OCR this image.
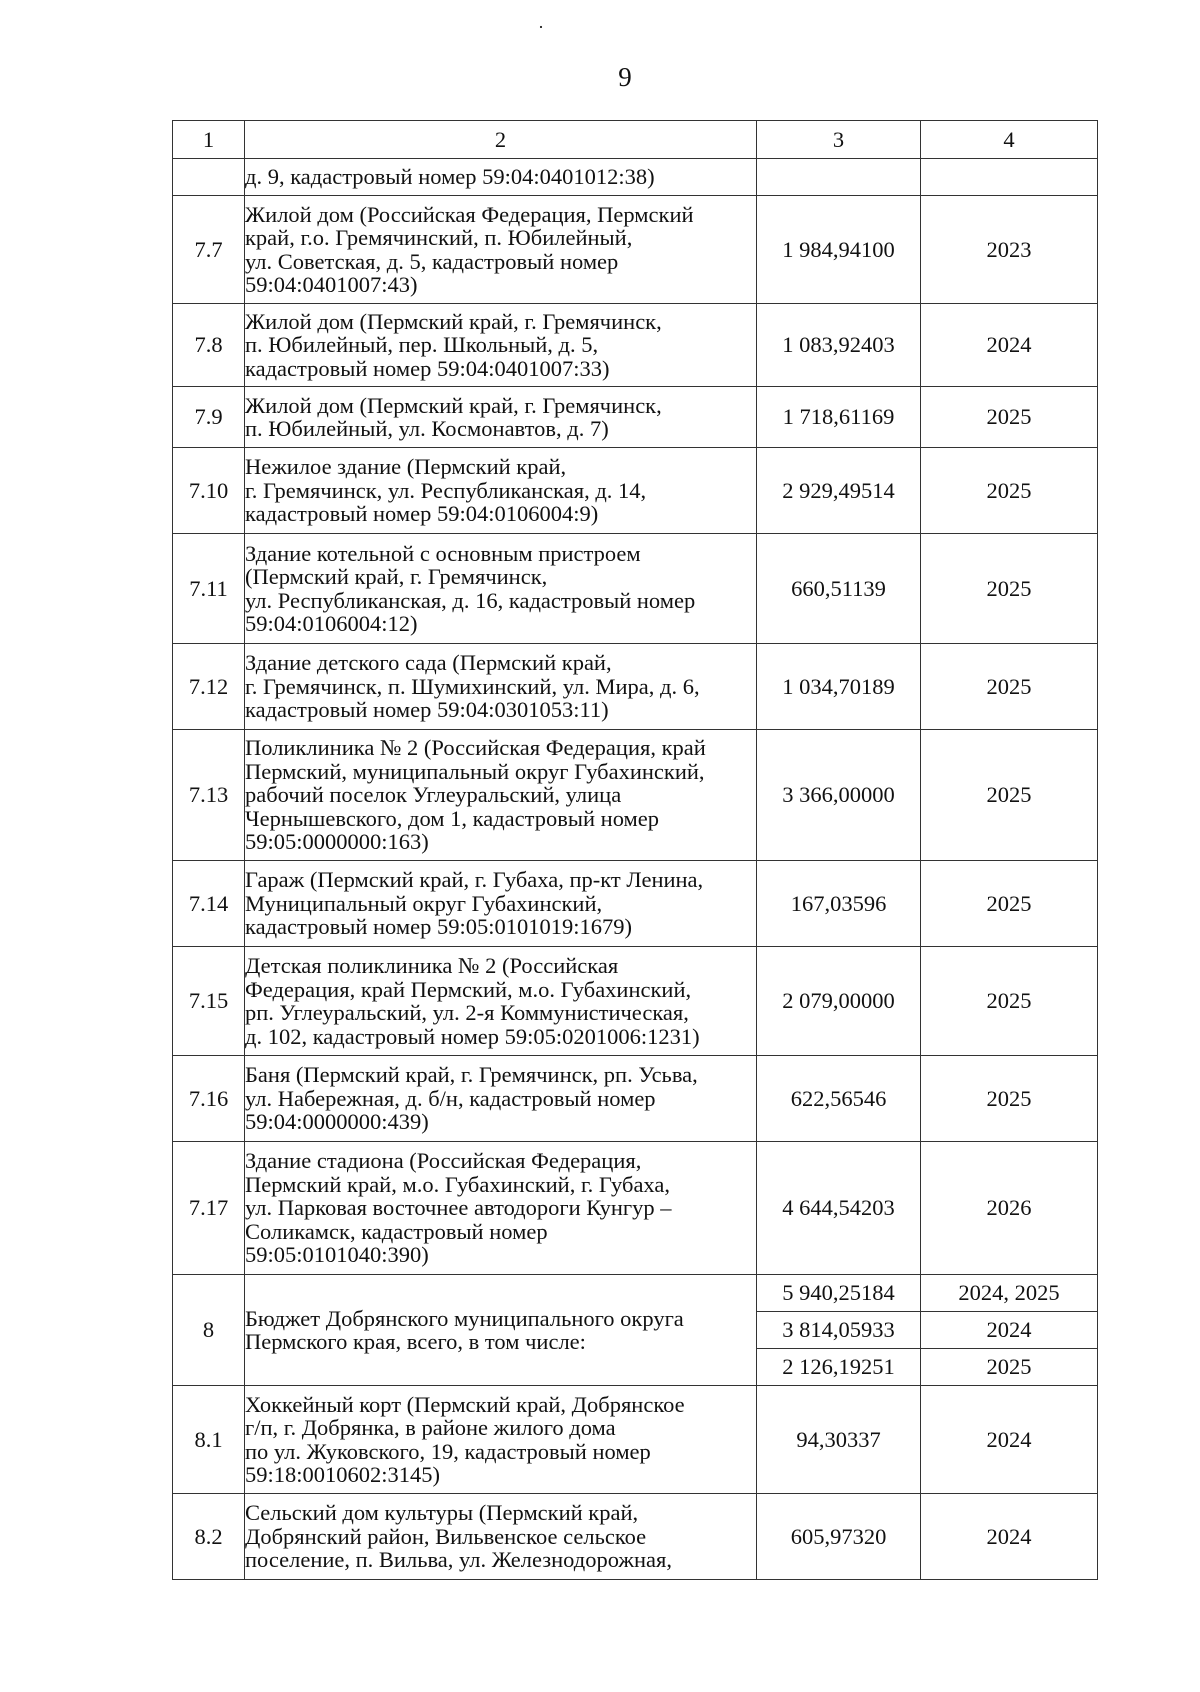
·
9
1	2	3	4
	д. 9, кадастровый номер 59:04:0401012:38)		
7.7	Жилой дом (Российская Федерация, Пермский
край, г.о. Гремячинский, п. Юбилейный,
ул. Советская, д. 5, кадастровый номер
59:04:0401007:43)	1 984,94100	2023
7.8	Жилой дом (Пермский край, г. Гремячинск,
п. Юбилейный, пер. Школьный, д. 5,
кадастровый номер 59:04:0401007:33)	1 083,92403	2024
7.9	Жилой дом (Пермский край, г. Гремячинск,
п. Юбилейный, ул. Космонавтов, д. 7)	1 718,61169	2025
7.10	Нежилое здание (Пермский край,
г. Гремячинск, ул. Республиканская, д. 14,
кадастровый номер 59:04:0106004:9)	2 929,49514	2025
7.11	Здание котельной с основным пристроем
(Пермский край, г. Гремячинск,
ул. Республиканская, д. 16, кадастровый номер
59:04:0106004:12)	660,51139	2025
7.12	Здание детского сада (Пермский край,
г. Гремячинск, п. Шумихинский, ул. Мира, д. 6,
кадастровый номер 59:04:0301053:11)	1 034,70189	2025
7.13	Поликлиника № 2 (Российская Федерация, край
Пермский, муниципальный округ Губахинский,
рабочий поселок Углеуральский, улица
Чернышевского, дом 1, кадастровый номер
59:05:0000000:163)	3 366,00000	2025
7.14	Гараж (Пермский край, г. Губаха, пр-кт Ленина,
Муниципальный округ Губахинский,
кадастровый номер 59:05:0101019:1679)	167,03596	2025
7.15	Детская поликлиника № 2 (Российская
Федерация, край Пермский, м.о. Губахинский,
рп. Углеуральский, ул. 2-я Коммунистическая,
д. 102, кадастровый номер 59:05:0201006:1231)	2 079,00000	2025
7.16	Баня (Пермский край, г. Гремячинск, рп. Усьва,
ул. Набережная, д. б/н, кадастровый номер
59:04:0000000:439)	622,56546	2025
7.17	Здание стадиона (Российская Федерация,
Пермский край, м.о. Губахинский, г. Губаха,
ул. Парковая восточнее автодороги Кунгур –
Соликамск, кадастровый номер
59:05:0101040:390)	4 644,54203	2026
8	Бюджет Добрянского муниципального округа
Пермского края, всего, в том числе:	5 940,25184	2024, 2025
		3 814,05933	2024
		2 126,19251	2025
8.1	Хоккейный корт (Пермский край, Добрянское
г/п, г. Добрянка, в районе жилого дома
по ул. Жуковского, 19, кадастровый номер
59:18:0010602:3145)	94,30337	2024
8.2	Сельский дом культуры (Пермский край,
Добрянский район, Вильвенское сельское
поселение, п. Вильва, ул. Железнодорожная,	605,97320	2024
